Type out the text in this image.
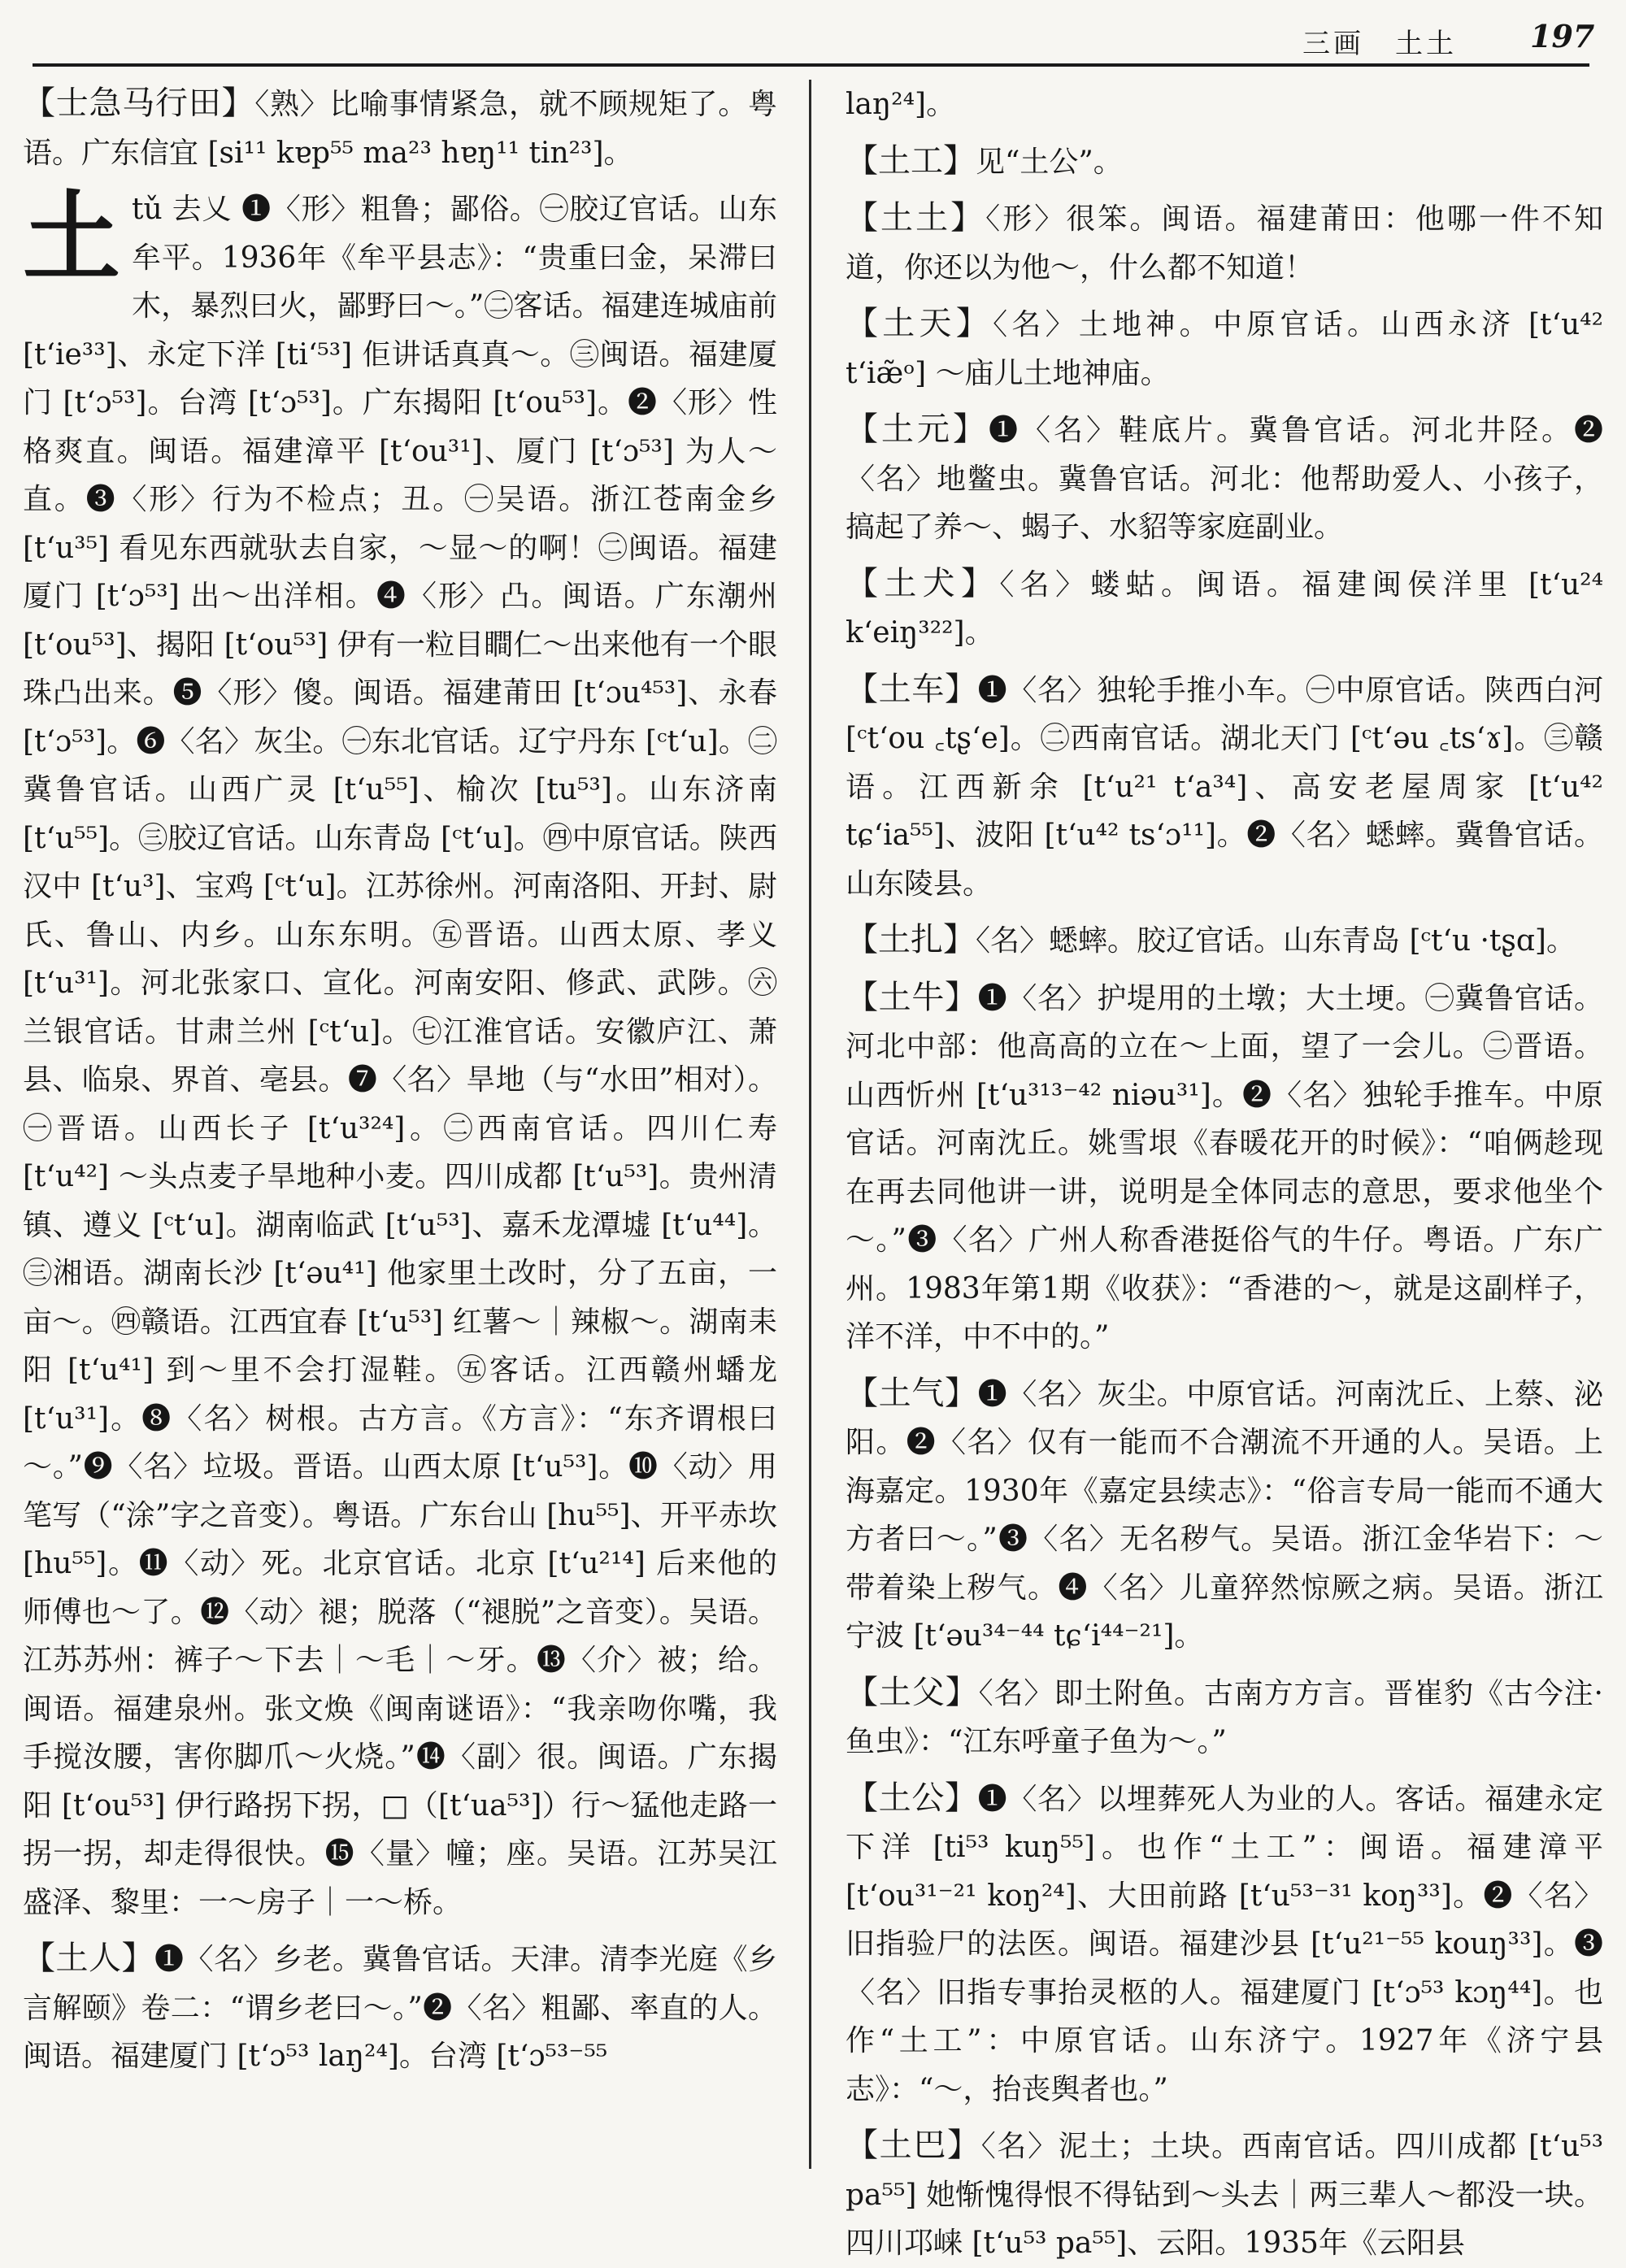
三画　土土 197

【士急马行田】〈熟〉比喻事情紧急，就不顾规矩了。粤语。广东信宜 [si¹¹ kɐp⁵⁵ ma²³ hɐŋ¹¹ tin²³]。

土tǔ 去乂 ❶〈形〉粗鲁；鄙俗。㊀胶辽官话。山东牟平。1936年《牟平县志》：“贵重曰金，呆滞曰木，暴烈曰火，鄙野曰～。”㊁客话。福建连城庙前 [tʻie³³]、永定下洋 [tiʻ⁵³] 佢讲话真真～。㊂闽语。福建厦门 [tʻɔ⁵³]。台湾 [tʻɔ⁵³]。广东揭阳 [tʻou⁵³]。❷〈形〉性格爽直。闽语。福建漳平 [tʻou³¹]、厦门 [tʻɔ⁵³] 为人～直。❸〈形〉行为不检点；丑。㊀吴语。浙江苍南金乡 [tʻu³⁵] 看见东西就驮去自家，～显～的啊！㊁闽语。福建厦门 [tʻɔ⁵³] 出～出洋相。❹〈形〉凸。闽语。广东潮州 [tʻou⁵³]、揭阳 [tʻou⁵³] 伊有一粒目瞷仁～出来他有一个眼珠凸出来。❺〈形〉傻。闽语。福建莆田 [tʻɔu⁴⁵³]、永春 [tʻɔ⁵³]。❻〈名〉灰尘。㊀东北官话。辽宁丹东 [ᶜtʻu]。㊁冀鲁官话。山西广灵 [tʻu⁵⁵]、榆次 [tu⁵³]。山东济南 [tʻu⁵⁵]。㊂胶辽官话。山东青岛 [ᶜtʻu]。㊃中原官话。陕西汉中 [tʻu³]、宝鸡 [ᶜtʻu]。江苏徐州。河南洛阳、开封、尉氏、鲁山、内乡。山东东明。㊄晋语。山西太原、孝义 [tʻu³¹]。河北张家口、宣化。河南安阳、修武、武陟。㊅兰银官话。甘肃兰州 [ᶜtʻu]。㊆江淮官话。安徽庐江、萧县、临泉、界首、亳县。❼〈名〉旱地（与“水田”相对）。㊀晋语。山西长子 [tʻu³²⁴]。㊁西南官话。四川仁寿 [tʻu⁴²] ～头点麦子旱地种小麦。四川成都 [tʻu⁵³]。贵州清镇、遵义 [ᶜtʻu]。湖南临武 [tʻu⁵³]、嘉禾龙潭墟 [tʻu⁴⁴]。㊂湘语。湖南长沙 [tʻəu⁴¹] 他家里土改时，分了五亩，一亩～。㊃赣语。江西宜春 [tʻu⁵³] 红薯～｜辣椒～。湖南耒阳 [tʻu⁴¹] 到～里不会打湿鞋。㊄客话。江西赣州蟠龙 [tʻu³¹]。❽〈名〉树根。古方言。《方言》：“东齐谓根曰～。”❾〈名〉垃圾。晋语。山西太原 [tʻu⁵³]。❿〈动〉用笔写（“涂”字之音变）。粤语。广东台山 [hu⁵⁵]、开平赤坎 [hu⁵⁵]。⓫〈动〉死。北京官话。北京 [tʻu²¹⁴] 后来他的师傅也～了。⓬〈动〉褪；脱落（“褪脱”之音变）。吴语。江苏苏州：裤子～下去｜～毛｜～牙。⓭〈介〉被；给。闽语。福建泉州。张文焕《闽南谜语》：“我亲吻你嘴，我手搅汝腰，害你脚爪～火烧。”⓮〈副〉很。闽语。广东揭阳 [tʻou⁵³] 伊行路拐下拐，□（[tʻua⁵³]）行～猛他走路一拐一拐，却走得很快。⓯〈量〉幢；座。吴语。江苏吴江盛泽、黎里：一～房子｜一～桥。

【土人】❶〈名〉乡老。冀鲁官话。天津。清李光庭《乡言解颐》卷二：“谓乡老曰～。”❷〈名〉粗鄙、率直的人。闽语。福建厦门 [tʻɔ⁵³ laŋ²⁴]。台湾 [tʻɔ⁵³⁻⁵⁵

laŋ²⁴]。

【土工】见“土公”。

【土土】〈形〉很笨。闽语。福建莆田：他哪一件不知道，你还以为他～，什么都不知道！

【土天】〈名〉土地神。中原官话。山西永济 [tʻu⁴² tʻiæ̃ᵒ] ～庙儿土地神庙。

【土元】❶〈名〉鞋底片。冀鲁官话。河北井陉。❷〈名〉地鳖虫。冀鲁官话。河北：他帮助爱人、小孩子，搞起了养～、蝎子、水貂等家庭副业。

【土犬】〈名〉蝼蛄。闽语。福建闽侯洋里 [tʻu²⁴ kʻeiŋ³²²]。

【土车】❶〈名〉独轮手推小车。㊀中原官话。陕西白河 [ᶜtʻou ꜀tʂʻe]。㊁西南官话。湖北天门 [ᶜtʻəu ꜀tsʻɤ]。㊂赣语。江西新余 [tʻu²¹ tʻa³⁴]、高安老屋周家 [tʻu⁴² tɕʻia⁵⁵]、波阳 [tʻu⁴² tsʻɔ¹¹]。❷〈名〉蟋蟀。冀鲁官话。山东陵县。

【土扎】〈名〉蟋蟀。胶辽官话。山东青岛 [ᶜtʻu ·tʂɑ]。

【土牛】❶〈名〉护堤用的土墩；大土埂。㊀冀鲁官话。河北中部：他高高的立在～上面，望了一会儿。㊁晋语。山西忻州 [tʻu³¹³⁻⁴² niəu³¹]。❷〈名〉独轮手推车。中原官话。河南沈丘。姚雪垠《春暖花开的时候》：“咱俩趁现在再去同他讲一讲，说明是全体同志的意思，要求他坐个～。”❸〈名〉广州人称香港挺俗气的牛仔。粤语。广东广州。1983年第1期《收获》：“香港的～，就是这副样子，洋不洋，中不中的。”

【土气】❶〈名〉灰尘。中原官话。河南沈丘、上蔡、泌阳。❷〈名〉仅有一能而不合潮流不开通的人。吴语。上海嘉定。1930年《嘉定县续志》：“俗言专局一能而不通大方者曰～。”❸〈名〉无名秽气。吴语。浙江金华岩下：～带着染上秽气。❹〈名〉儿童猝然惊厥之病。吴语。浙江宁波 [tʻəu³⁴⁻⁴⁴ tɕʻi⁴⁴⁻²¹]。

【土父】〈名〉即土附鱼。古南方方言。晋崔豹《古今注·鱼虫》：“江东呼童子鱼为～。”

【土公】❶〈名〉以埋葬死人为业的人。客话。福建永定下洋 [ti⁵³ kuŋ⁵⁵]。也作“土工”：闽语。福建漳平 [tʻou³¹⁻²¹ koŋ²⁴]、大田前路 [tʻu⁵³⁻³¹ koŋ³³]。❷〈名〉旧指验尸的法医。闽语。福建沙县 [tʻu²¹⁻⁵⁵ kouŋ³³]。❸〈名〉旧指专事抬灵柩的人。福建厦门 [tʻɔ⁵³ kɔŋ⁴⁴]。也作“土工”：中原官话。山东济宁。1927年《济宁县志》：“～，抬丧舆者也。”

【土巴】〈名〉泥土；土块。西南官话。四川成都 [tʻu⁵³ pa⁵⁵] 她惭愧得恨不得钻到～头去｜两三辈人～都没一块。四川邛崃 [tʻu⁵³ pa⁵⁵]、云阳。1935年《云阳县
